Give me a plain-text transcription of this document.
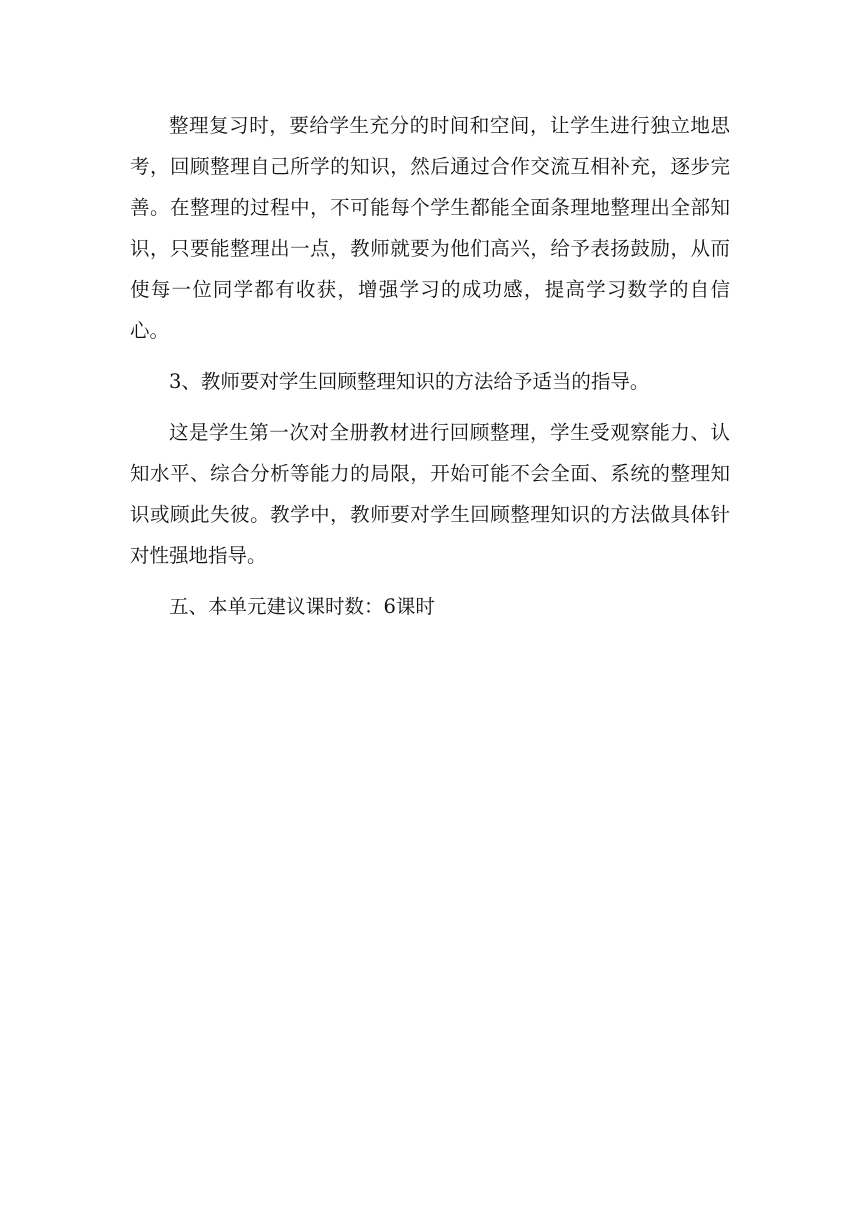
整理复习时，要给学生充分的时间和空间，让学生进行独立地思考，回顾整理自己所学的知识，然后通过合作交流互相补充，逐步完善。在整理的过程中，不可能每个学生都能全面条理地整理出全部知识，只要能整理出一点，教师就要为他们高兴，给予表扬鼓励，从而使每一位同学都有收获，增强学习的成功感，提高学习数学的自信心。

3、教师要对学生回顾整理知识的方法给予适当的指导。

这是学生第一次对全册教材进行回顾整理，学生受观察能力、认知水平、综合分析等能力的局限，开始可能不会全面、系统的整理知识或顾此失彼。教学中，教师要对学生回顾整理知识的方法做具体针对性强地指导。

五、本单元建议课时数：6课时
